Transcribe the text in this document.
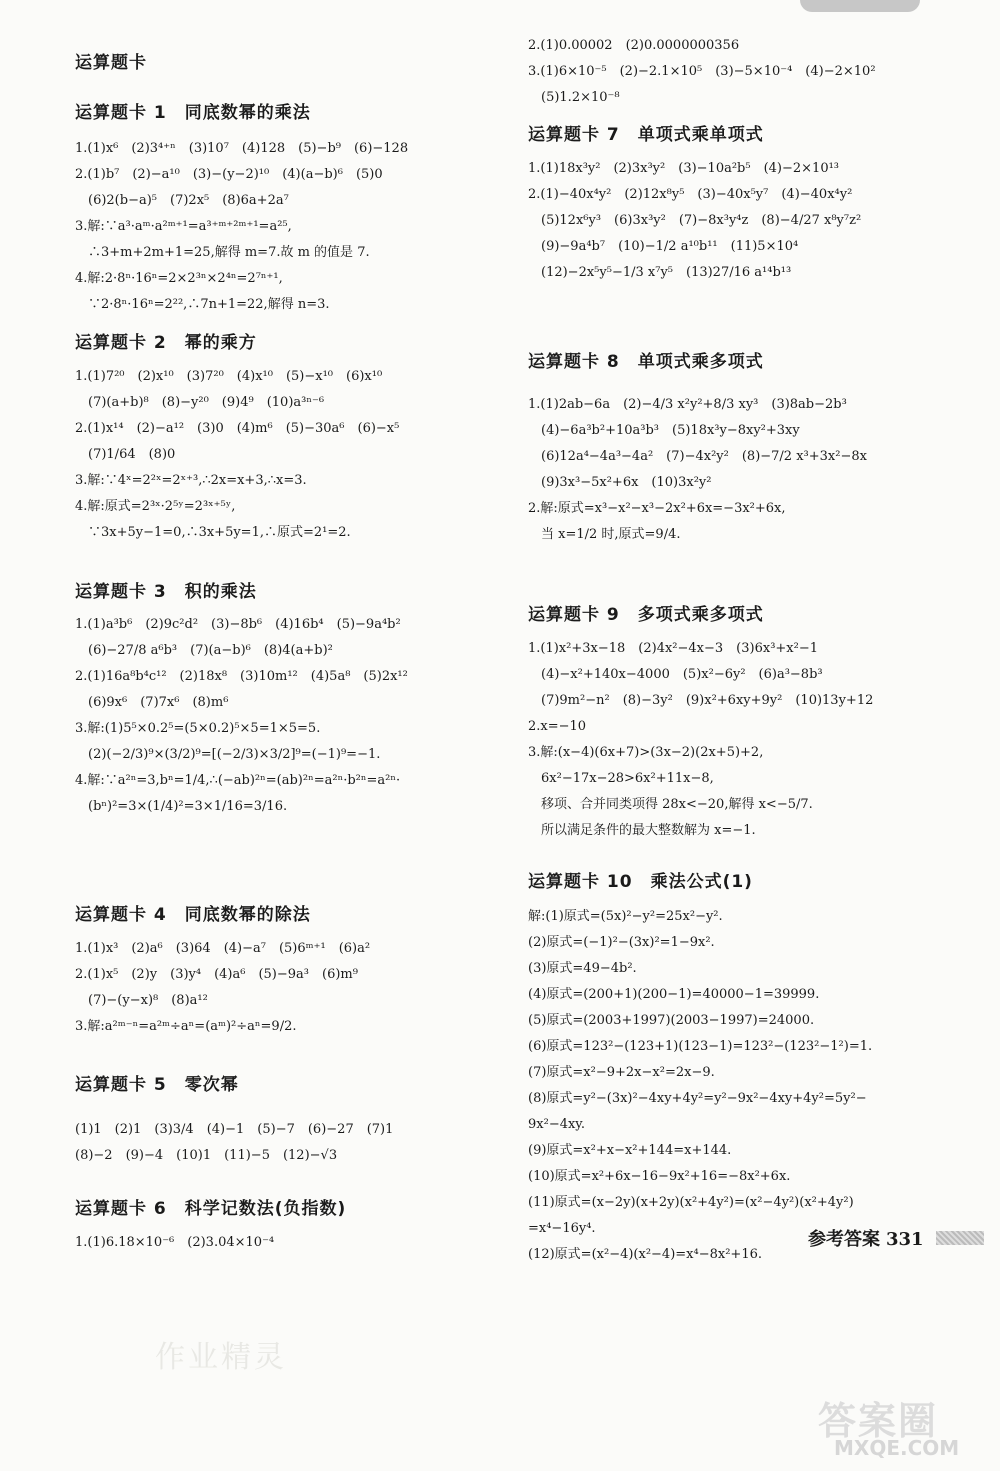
运算题卡
运算题卡 1　同底数幂的乘法
1.(1)x⁶　(2)3⁴⁺ⁿ　(3)10⁷　(4)128　(5)−b⁹　(6)−128
2.(1)b⁷　(2)−a¹⁰　(3)−(y−2)¹⁰　(4)(a−b)⁶　(5)0
　(6)2(b−a)⁵　(7)2x⁵　(8)6a+2a⁷
3.解:∵a³·aᵐ·a²ᵐ⁺¹=a³⁺ᵐ⁺²ᵐ⁺¹=a²⁵,
　∴3+m+2m+1=25,解得 m=7.故 m 的值是 7.
4.解:2·8ⁿ·16ⁿ=2×2³ⁿ×2⁴ⁿ=2⁷ⁿ⁺¹,
　∵2·8ⁿ·16ⁿ=2²²,∴7n+1=22,解得 n=3.
运算题卡 2　幂的乘方
1.(1)7²⁰　(2)x¹⁰　(3)7²⁰　(4)x¹⁰　(5)−x¹⁰　(6)x¹⁰
　(7)(a+b)⁸　(8)−y²⁰　(9)4⁹　(10)a³ⁿ⁻⁶
2.(1)x¹⁴　(2)−a¹²　(3)0　(4)m⁶　(5)−30a⁶　(6)−x⁵
　(7)1/64　(8)0
3.解:∵4ˣ=2²ˣ=2ˣ⁺³,∴2x=x+3,∴x=3.
4.解:原式=2³ˣ·2⁵ʸ=2³ˣ⁺⁵ʸ,
　∵3x+5y−1=0,∴3x+5y=1,∴原式=2¹=2.
运算题卡 3　积的乘法
1.(1)a³b⁶　(2)9c²d²　(3)−8b⁶　(4)16b⁴　(5)−9a⁴b²
　(6)−27/8 a⁶b³　(7)(a−b)⁶　(8)4(a+b)²
2.(1)16a⁸b⁴c¹²　(2)18x⁸　(3)10m¹²　(4)5a⁸　(5)2x¹²
　(6)9x⁶　(7)7x⁶　(8)m⁶
3.解:(1)5⁵×0.2⁵=(5×0.2)⁵×5=1×5=5.
　(2)(−2/3)⁹×(3/2)⁹=[(−2/3)×3/2]⁹=(−1)⁹=−1.
4.解:∵a²ⁿ=3,bⁿ=1/4,∴(−ab)²ⁿ=(ab)²ⁿ=a²ⁿ·b²ⁿ=a²ⁿ·
　(bⁿ)²=3×(1/4)²=3×1/16=3/16.
运算题卡 4　同底数幂的除法
1.(1)x³　(2)a⁶　(3)64　(4)−a⁷　(5)6ᵐ⁺¹　(6)a²
2.(1)x⁵　(2)y　(3)y⁴　(4)a⁶　(5)−9a³　(6)m⁹
　(7)−(y−x)⁸　(8)a¹²
3.解:a²ᵐ⁻ⁿ=a²ᵐ÷aⁿ=(aᵐ)²÷aⁿ=9/2.
运算题卡 5　零次幂
(1)1　(2)1　(3)3/4　(4)−1　(5)−7　(6)−27　(7)1
(8)−2　(9)−4　(10)1　(11)−5　(12)−√3
运算题卡 6　科学记数法(负指数)
1.(1)6.18×10⁻⁶　(2)3.04×10⁻⁴
2.(1)0.00002　(2)0.0000000356
3.(1)6×10⁻⁵　(2)−2.1×10⁵　(3)−5×10⁻⁴　(4)−2×10²
　(5)1.2×10⁻⁸
运算题卡 7　单项式乘单项式
1.(1)18x³y²　(2)3x³y²　(3)−10a²b⁵　(4)−2×10¹³
2.(1)−40x⁴y²　(2)12x⁸y⁵　(3)−40x⁵y⁷　(4)−40x⁴y²
　(5)12x⁶y³　(6)3x³y²　(7)−8x³y⁴z　(8)−4/27 x⁸y⁷z²
　(9)−9a⁴b⁷　(10)−1/2 a¹⁰b¹¹　(11)5×10⁴
　(12)−2x⁵y⁵−1/3 x⁷y⁵　(13)27/16 a¹⁴b¹³
运算题卡 8　单项式乘多项式
1.(1)2ab−6a　(2)−4/3 x²y²+8/3 xy³　(3)8ab−2b³
　(4)−6a³b²+10a³b³　(5)18x³y−8xy²+3xy
　(6)12a⁴−4a³−4a²　(7)−4x²y²　(8)−7/2 x³+3x²−8x
　(9)3x³−5x²+6x　(10)3x²y²
2.解:原式=x³−x²−x³−2x²+6x=−3x²+6x,
　当 x=1/2 时,原式=9/4.
运算题卡 9　多项式乘多项式
1.(1)x²+3x−18　(2)4x²−4x−3　(3)6x³+x²−1
　(4)−x²+140x−4000　(5)x²−6y²　(6)a³−8b³
　(7)9m²−n²　(8)−3y²　(9)x²+6xy+9y²　(10)13y+12
2.x=−10
3.解:(x−4)(6x+7)>(3x−2)(2x+5)+2,
　6x²−17x−28>6x²+11x−8,
　移项、合并同类项得 28x<−20,解得 x<−5/7.
　所以满足条件的最大整数解为 x=−1.
运算题卡 10　乘法公式(1)
解:(1)原式=(5x)²−y²=25x²−y².
(2)原式=(−1)²−(3x)²=1−9x².
(3)原式=49−4b².
(4)原式=(200+1)(200−1)=40000−1=39999.
(5)原式=(2003+1997)(2003−1997)=24000.
(6)原式=123²−(123+1)(123−1)=123²−(123²−1²)=1.
(7)原式=x²−9+2x−x²=2x−9.
(8)原式=y²−(3x)²−4xy+4y²=y²−9x²−4xy+4y²=5y²−
9x²−4xy.
(9)原式=x²+x−x²+144=x+144.
(10)原式=x²+6x−16−9x²+16=−8x²+6x.
(11)原式=(x−2y)(x+2y)(x²+4y²)=(x²−4y²)(x²+4y²)
=x⁴−16y⁴.
(12)原式=(x²−4)(x²−4)=x⁴−8x²+16.
参考答案 331
作业精灵
答案圈
MXQE.COM
